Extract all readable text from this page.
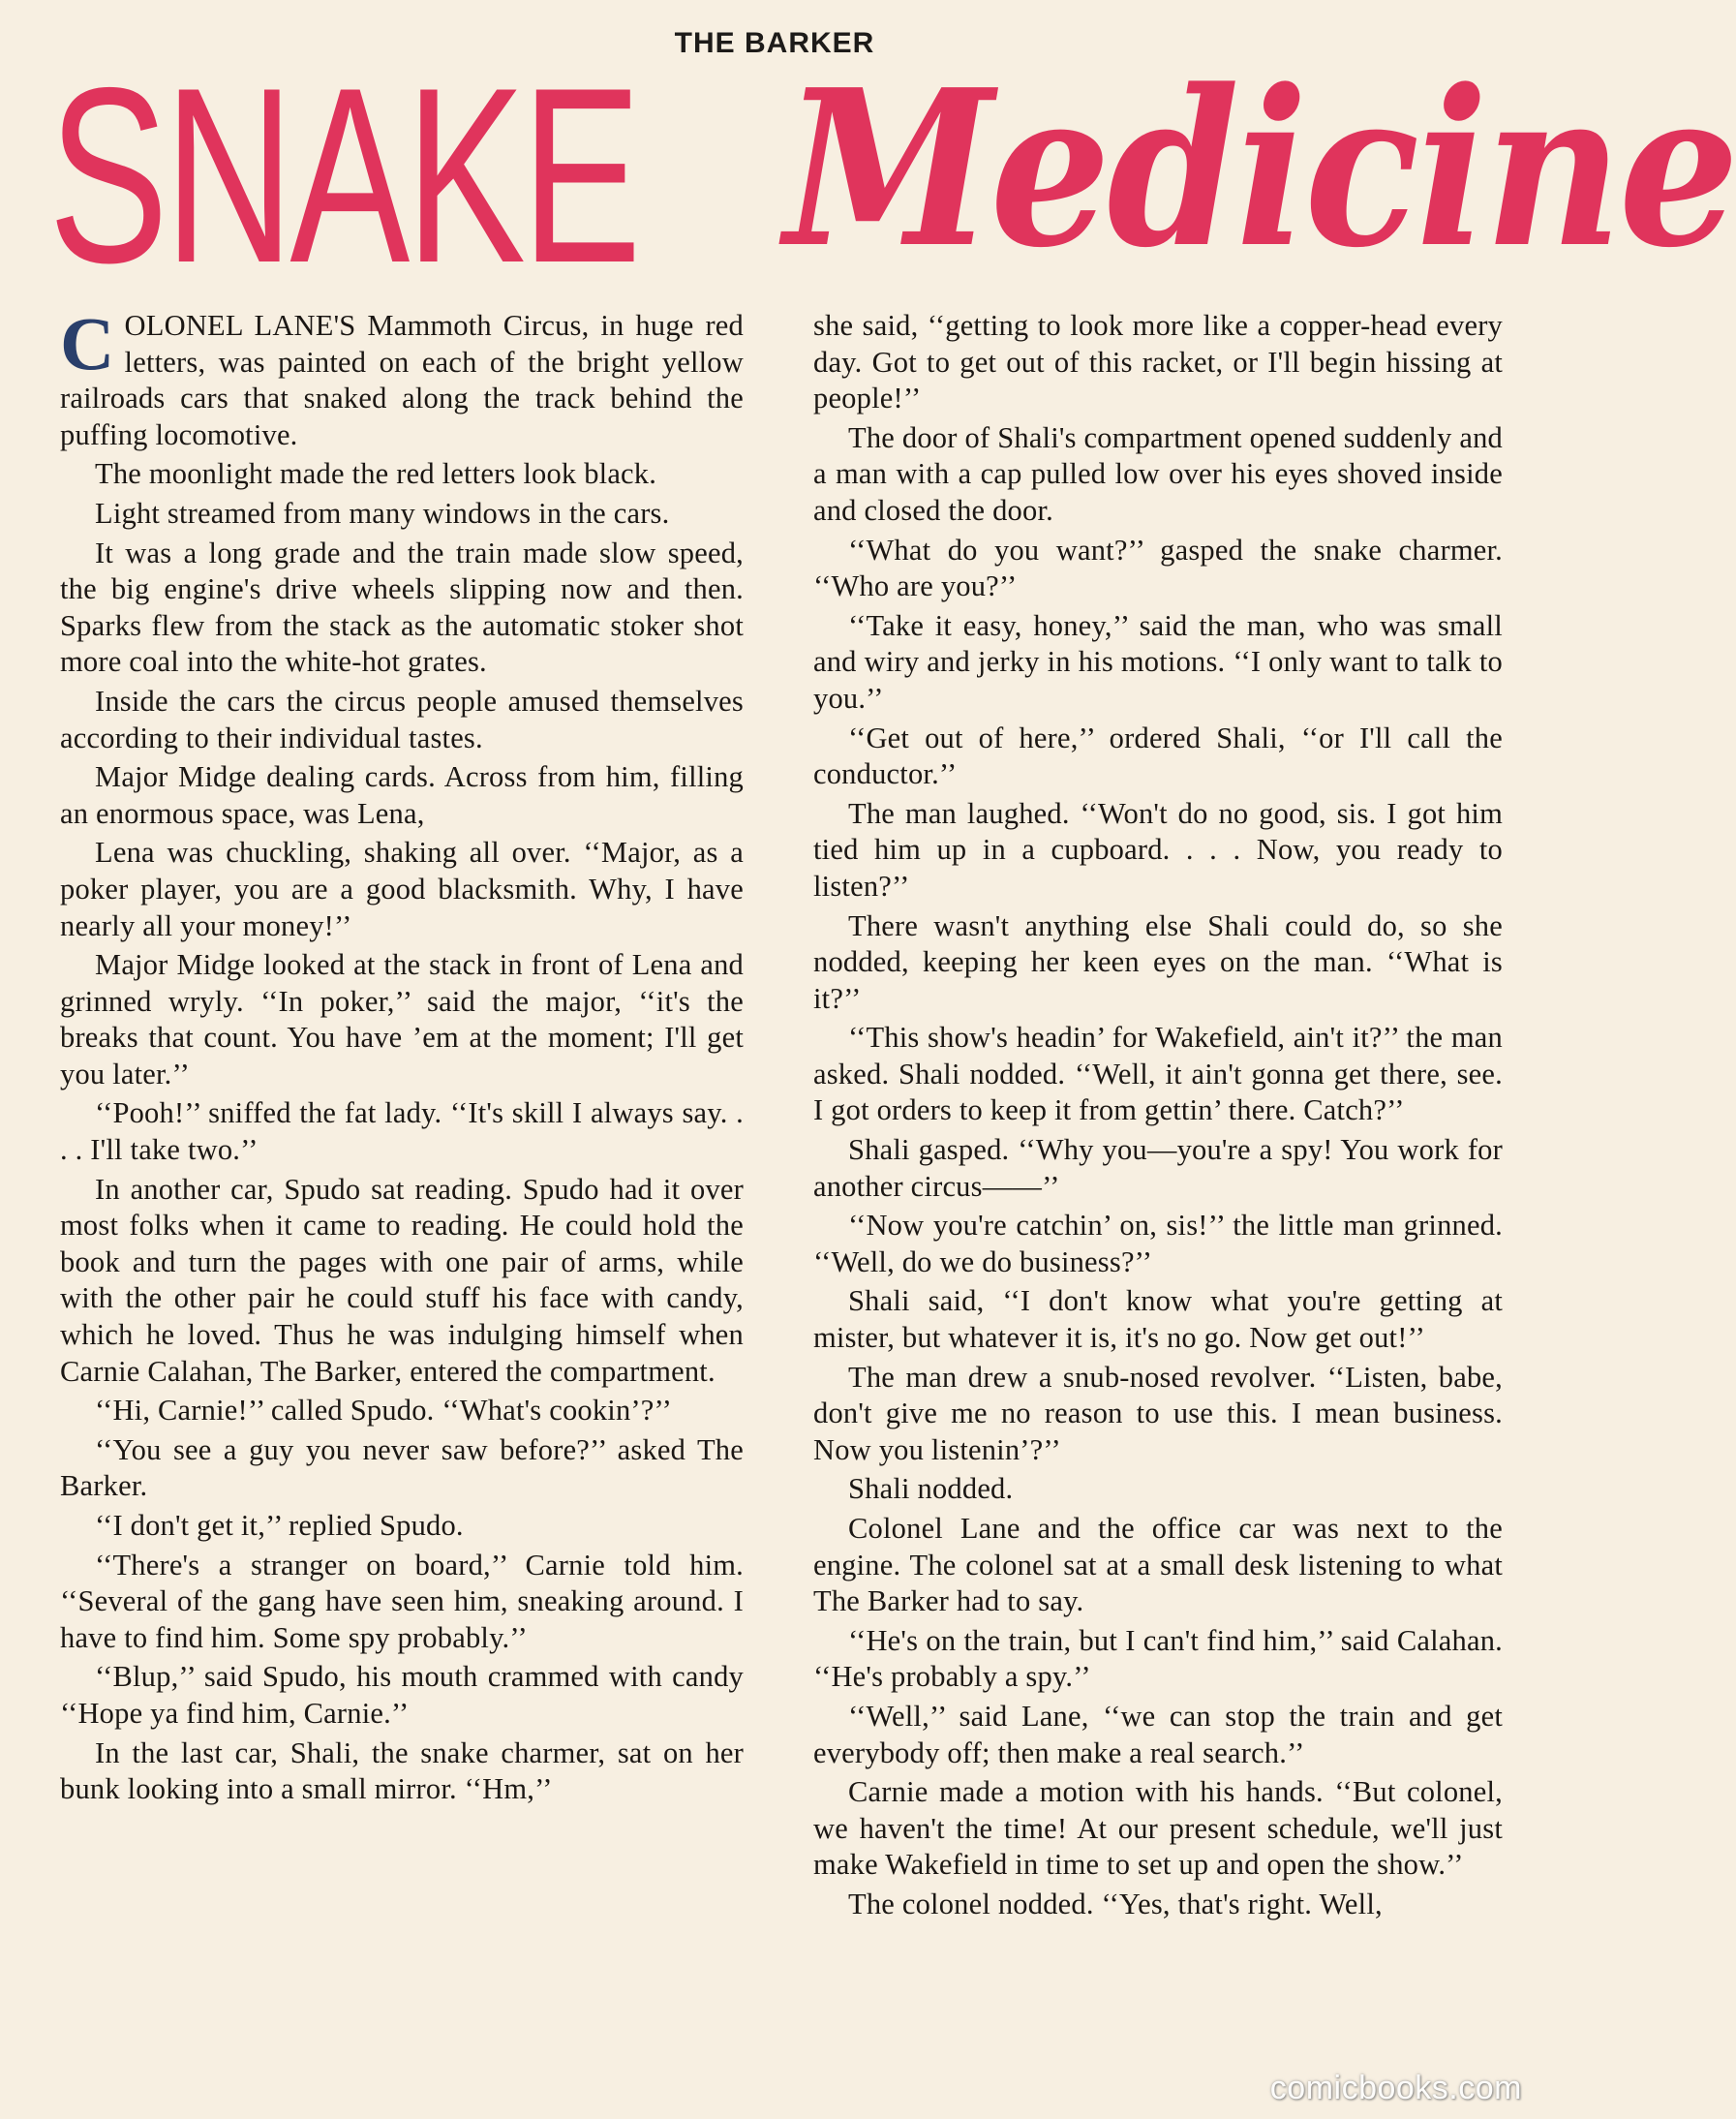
THE BARKER
SNAKE Medicine

COLONEL LANE'S Mammoth Circus, in huge red letters, was painted on each of the bright yellow railroads cars that snaked along the track behind the puffing locomotive.

The moonlight made the red letters look black.

Light streamed from many windows in the cars.

It was a long grade and the train made slow speed, the big engine's drive wheels slipping now and then. Sparks flew from the stack as the automatic stoker shot more coal into the white-hot grates.

Inside the cars the circus people amused themselves according to their individual tastes.

Major Midge dealing cards. Across from him, filling an enormous space, was Lena,

Lena was chuckling, shaking all over. ‘‘Major, as a poker player, you are a good blacksmith. Why, I have nearly all your money!’’

Major Midge looked at the stack in front of Lena and grinned wryly. ‘‘In poker,’’ said the major, ‘‘it's the breaks that count. You have ’em at the moment; I'll get you later.’’

‘‘Pooh!’’ sniffed the fat lady. ‘‘It's skill I always say. . . . I'll take two.’’

In another car, Spudo sat reading. Spudo had it over most folks when it came to reading. He could hold the book and turn the pages with one pair of arms, while with the other pair he could stuff his face with candy, which he loved. Thus he was indulging himself when Carnie Calahan, The Barker, entered the compartment.

‘‘Hi, Carnie!’’ called Spudo. ‘‘What's cookin’?’’

‘‘You see a guy you never saw before?’’ asked The Barker.

‘‘I don't get it,’’ replied Spudo.

‘‘There's a stranger on board,’’ Carnie told him. ‘‘Several of the gang have seen him, sneaking around. I have to find him. Some spy probably.’’

‘‘Blup,’’ said Spudo, his mouth crammed with candy ‘‘Hope ya find him, Carnie.’’

In the last car, Shali, the snake charmer, sat on her bunk looking into a small mirror. ‘‘Hm,’’

she said, ‘‘getting to look more like a copper-head every day. Got to get out of this racket, or I'll begin hissing at people!’’

The door of Shali's compartment opened suddenly and a man with a cap pulled low over his eyes shoved inside and closed the door.

‘‘What do you want?’’ gasped the snake charmer. ‘‘Who are you?’’

‘‘Take it easy, honey,’’ said the man, who was small and wiry and jerky in his motions. ‘‘I only want to talk to you.’’

‘‘Get out of here,’’ ordered Shali, ‘‘or I'll call the conductor.’’

The man laughed. ‘‘Won't do no good, sis. I got him tied him up in a cupboard. . . . Now, you ready to listen?’’

There wasn't anything else Shali could do, so she nodded, keeping her keen eyes on the man. ‘‘What is it?’’

‘‘This show's headin’ for Wakefield, ain't it?’’ the man asked. Shali nodded. ‘‘Well, it ain't gonna get there, see. I got orders to keep it from gettin’ there. Catch?’’

Shali gasped. ‘‘Why you—you're a spy! You work for another circus——’’

‘‘Now you're catchin’ on, sis!’’ the little man grinned. ‘‘Well, do we do business?’’

Shali said, ‘‘I don't know what you're getting at mister, but whatever it is, it's no go. Now get out!’’

The man drew a snub-nosed revolver. ‘‘Listen, babe, don't give me no reason to use this. I mean business. Now you listenin’?’’

Shali nodded.

Colonel Lane and the office car was next to the engine. The colonel sat at a small desk listening to what The Barker had to say.

‘‘He's on the train, but I can't find him,’’ said Calahan. ‘‘He's probably a spy.’’

‘‘Well,’’ said Lane, ‘‘we can stop the train and get everybody off; then make a real search.’’

Carnie made a motion with his hands. ‘‘But colonel, we haven't the time! At our present schedule, we'll just make Wakefield in time to set up and open the show.’’

The colonel nodded. ‘‘Yes, that's right. Well,

comicbooks.com
